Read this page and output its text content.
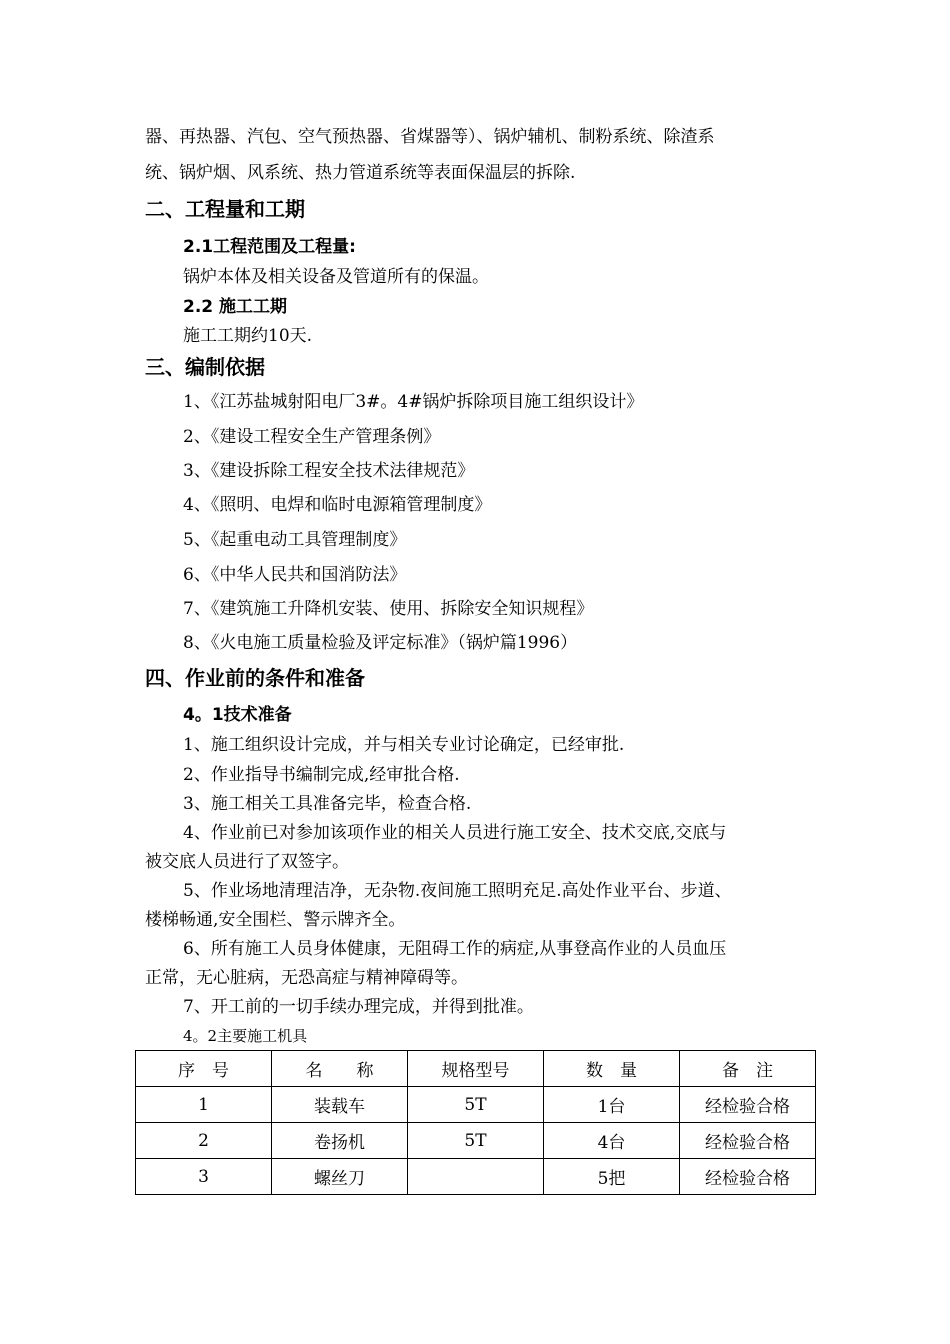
器、再热器、汽包、空气预热器、省煤器等）、锅炉辅机、制粉系统、除渣系
统、锅炉烟、风系统、热力管道系统等表面保温层的拆除.
二、工程量和工期
2.1工程范围及工程量:
锅炉本体及相关设备及管道所有的保温。
2.2 施工工期
施工工期约10天.
三、编制依据
1、《江苏盐城射阳电厂3#。4#锅炉拆除项目施工组织设计》
2、《建设工程安全生产管理条例》
3、《建设拆除工程安全技术法律规范》
4、《照明、电焊和临时电源箱管理制度》
5、《起重电动工具管理制度》
6、《中华人民共和国消防法》
7、《建筑施工升降机安装、使用、拆除安全知识规程》
8、《火电施工质量检验及评定标准》（锅炉篇1996）
四、作业前的条件和准备
4。1技术准备
1、施工组织设计完成，并与相关专业讨论确定，已经审批.
2、作业指导书编制完成,经审批合格.
3、施工相关工具准备完毕，检查合格.
4、作业前已对参加该项作业的相关人员进行施工安全、技术交底,交底与
被交底人员进行了双签字。
5、作业场地清理洁净，无杂物.夜间施工照明充足.高处作业平台、步道、
楼梯畅通,安全围栏、警示牌齐全。
6、所有施工人员身体健康，无阻碍工作的病症,从事登高作业的人员血压
正常，无心脏病，无恐高症与精神障碍等。
7、开工前的一切手续办理完成，并得到批准。
4。2主要施工机具
序　号	名　　称	规格型号	数　量	备　注
1	装载车	5T	1台	经检验合格
2	卷扬机	5T	4台	经检验合格
3	螺丝刀		5把	经检验合格
